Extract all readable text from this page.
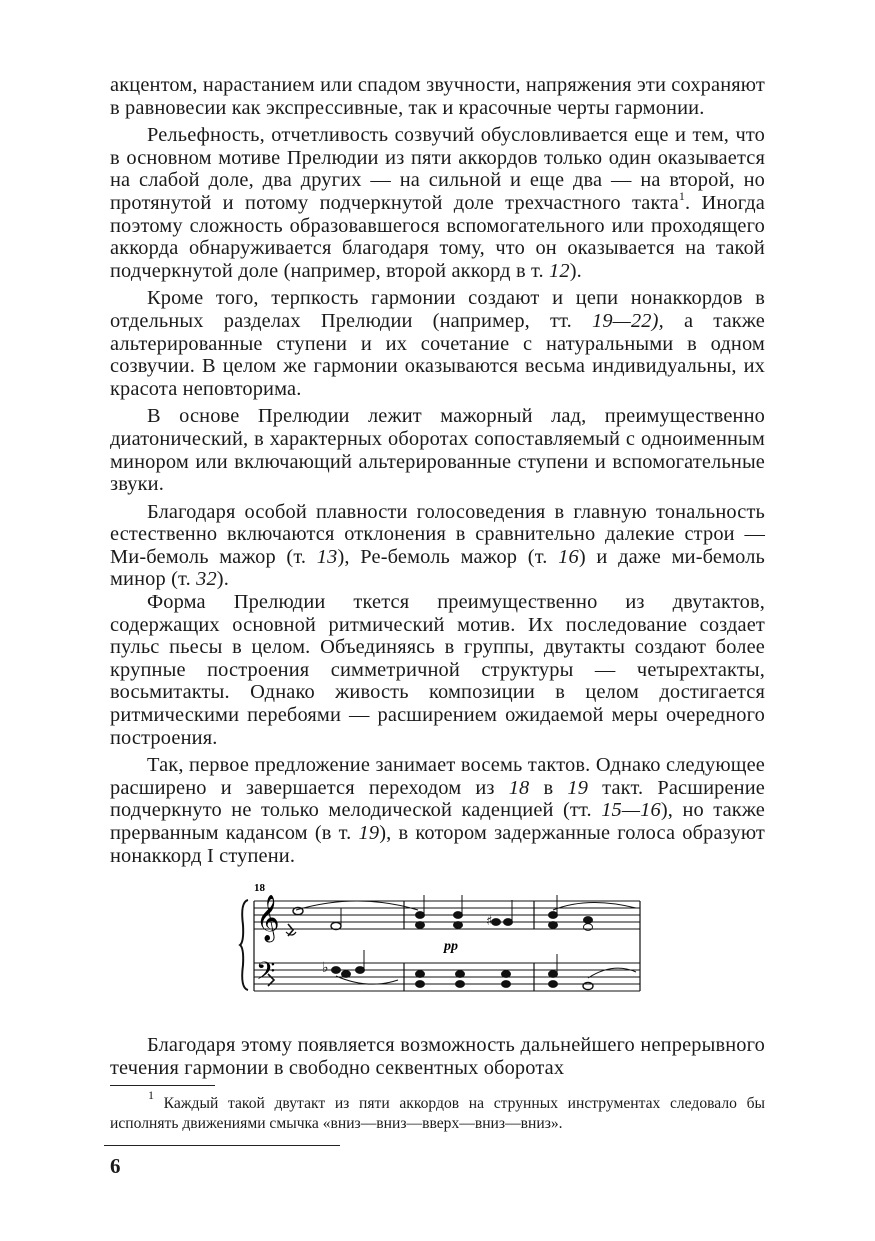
акцентом, нарастанием или спадом звучности, напряжения эти сохраняют в равновесии как экспрессивные, так и красочные черты гармонии.

Рельефность, отчетливость созвучий обусловливается еще и тем, что в основном мотиве Прелюдии из пяти аккордов только один оказывается на слабой доле, два других — на сильной и еще два — на второй, но протянутой и потому подчеркнутой доле трехчастного такта$^1$. Иногда поэтому сложность образовавшегося вспомогательного или проходящего аккорда обнаруживается благодаря тому, что он оказывается на такой подчеркнутой доле (например, второй аккорд в т. 12).

Кроме того, терпкость гармонии создают и цепи нонаккордов в отдельных разделах Прелюдии (например, тт. 19—22), а также альтерированные ступени и их сочетание с натуральными в одном созвучии. В целом же гармонии оказываются весьма индивидуальны, их красота неповторима.

В основе Прелюдии лежит мажорный лад, преимущественно диатонический, в характерных оборотах сопоставляемый с одноименным минором или включающий альтерированные ступени и вспомогательные звуки.

Благодаря особой плавности голосоведения в главную тональность естественно включаются отклонения в сравнительно далекие строи — Ми-бемоль мажор (т. 13), Ре-бемоль мажор (т. 16) и даже ми-бемоль минор (т. 32).

Форма Прелюдии ткется преимущественно из двутактов, содержащих основной ритмический мотив. Их последование создает пульс пьесы в целом. Объединяясь в группы, двутакты создают более крупные построения симметричной структуры — четырехтакты, восьмитакты. Однако живость композиции в целом достигается ритмическими перебоями — расширением ожидаемой меры очередного построения.

Так, первое предложение занимает восемь тактов. Однако следующее расширено и завершается переходом из 18 в 19 такт. Расширение подчеркнуто не только мелодической каденцией (тт. 15—16), но также прерванным кадансом (в т. 19), в котором задержанные голоса образуют нонаккорд I ступени.

18
𝄞
𝄢
♯
pp
♭

Благодаря этому появляется возможность дальнейшего непрерывного течения гармонии в свободно секвентных оборотах

$^1$ Каждый такой двутакт из пяти аккордов на струнных инструментах следовало бы исполнять движениями смычка «вниз—вниз—вверх—вниз—вниз».
6
